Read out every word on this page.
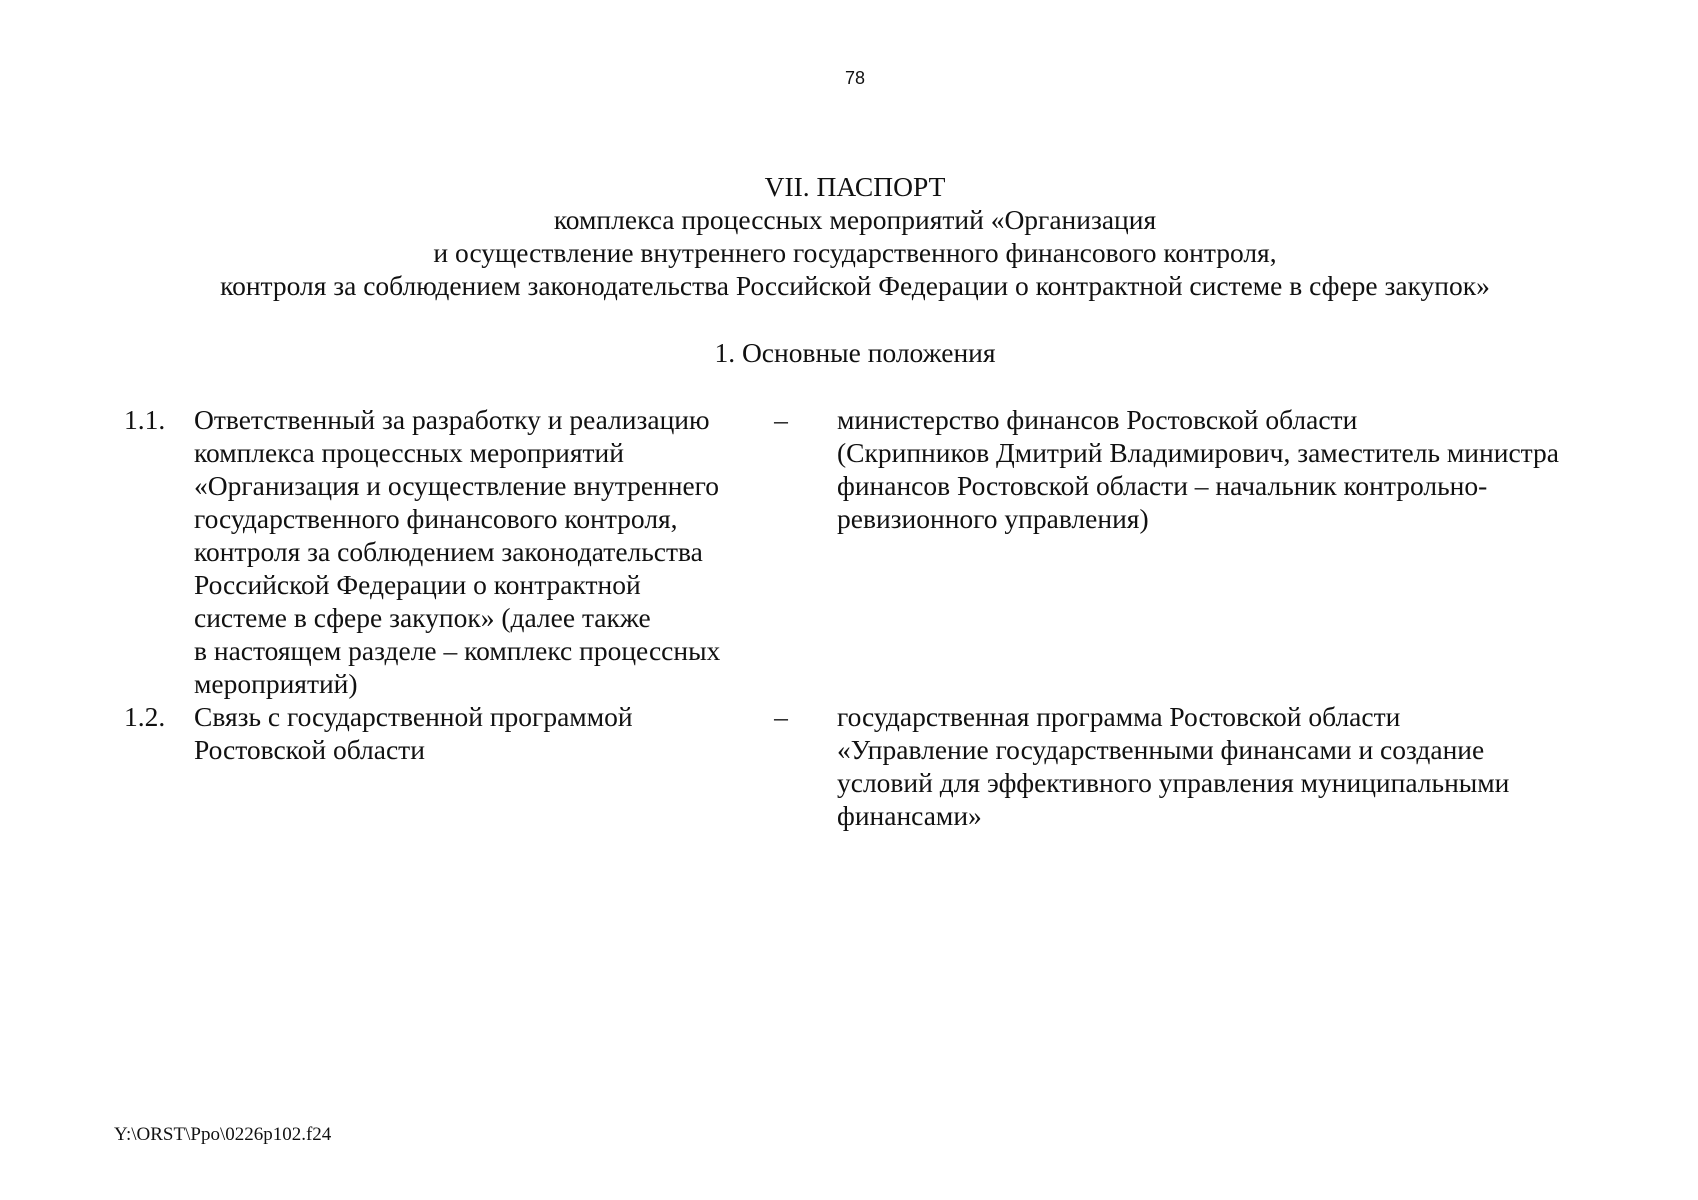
78
VII. ПАСПОРТ
комплекса процессных мероприятий «Организация
и осуществление внутреннего государственного финансового контроля,
контроля за соблюдением законодательства Российской Федерации о контрактной системе в сфере закупок»
1. Основные положения
1.1.	Ответственный за разработку и реализацию
комплекса процессных мероприятий
«Организация и осуществление внутреннего
государственного финансового контроля,
контроля за соблюдением законодательства
Российской Федерации о контрактной
системе в сфере закупок» (далее также
в настоящем разделе – комплекс процессных
мероприятий)
–	министерство финансов Ростовской области
(Скрипников Дмитрий Владимирович, заместитель министра
финансов Ростовской области – начальник контрольно-
ревизионного управления)
1.2.	Связь с государственной программой
Ростовской области
–	государственная программа Ростовской области
«Управление государственными финансами и создание
условий для эффективного управления муниципальными
финансами»
Y:\ORST\Ppo\0226p102.f24
